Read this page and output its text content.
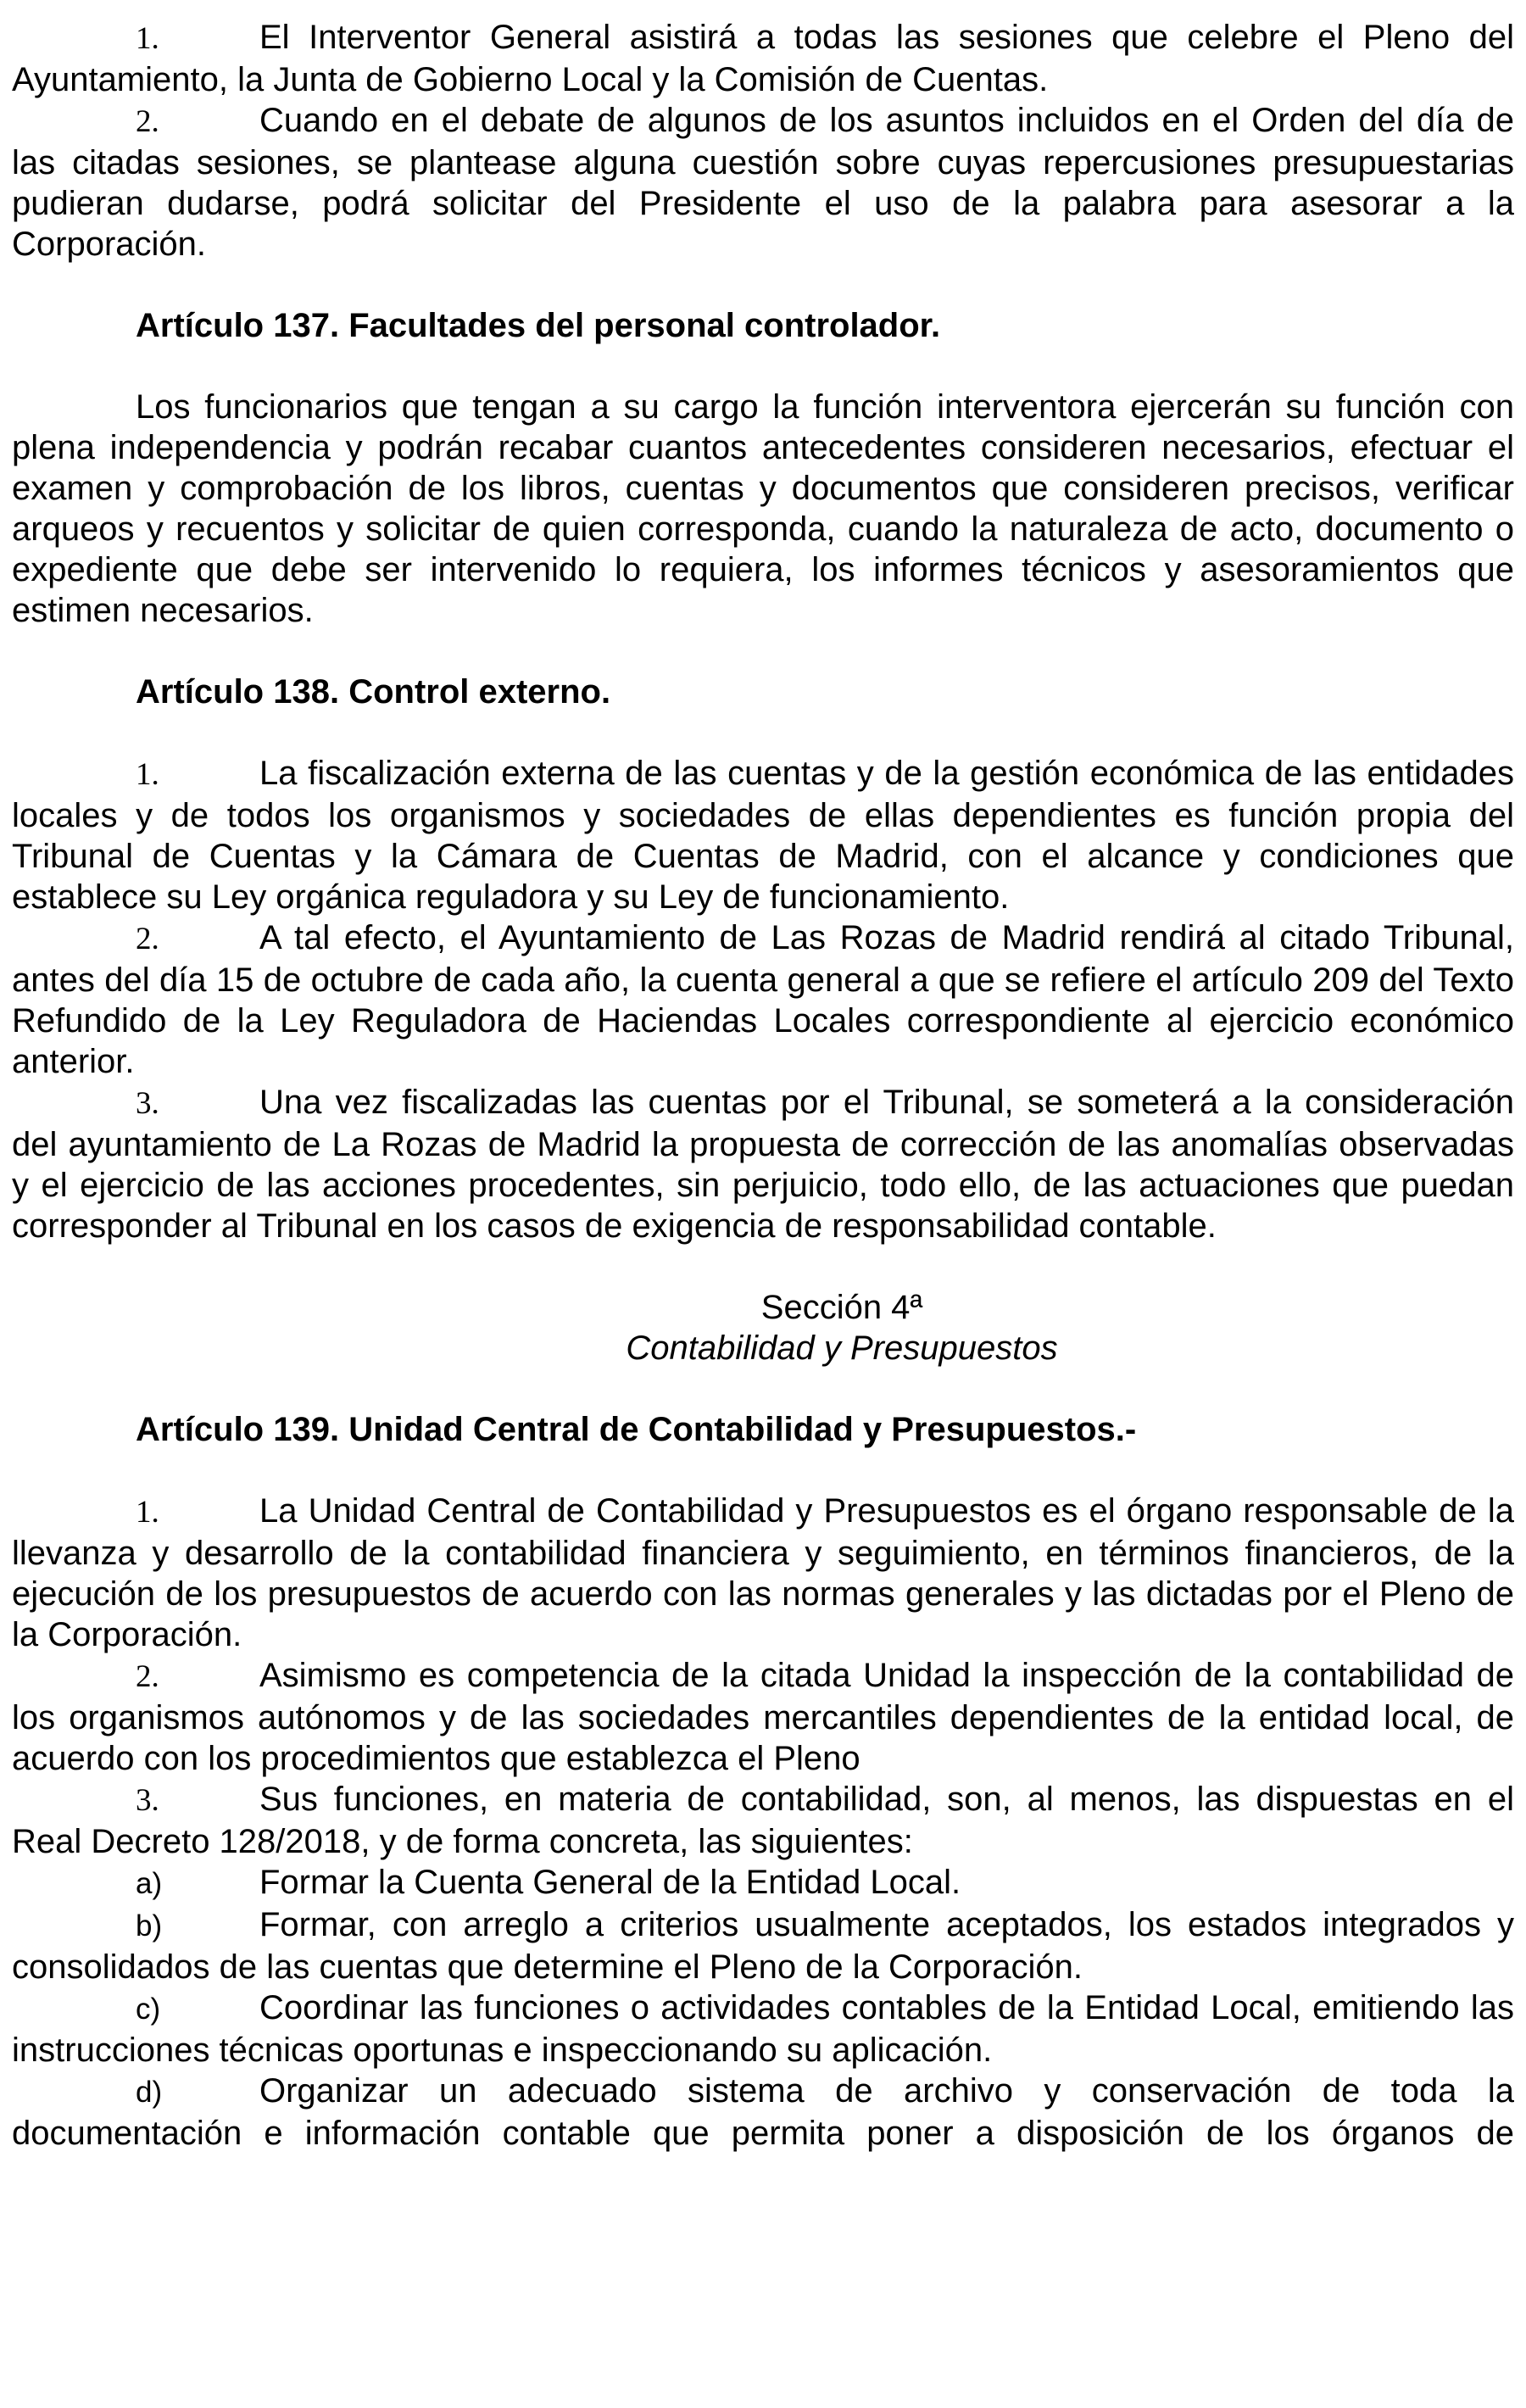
1.	El Interventor General asistirá a todas las sesiones que celebre el Pleno del Ayuntamiento, la Junta de Gobierno Local y la Comisión de Cuentas.

2.	Cuando en el debate de algunos de los asuntos incluidos en el Orden del día de las citadas sesiones, se plantease alguna cuestión sobre cuyas repercusiones presupuestarias pudieran dudarse, podrá solicitar del Presidente el uso de la palabra para asesorar a la Corporación.

Artículo 137. Facultades del personal controlador.

Los funcionarios que tengan a su cargo la función interventora ejercerán su función con plena independencia y podrán recabar cuantos antecedentes consideren necesarios, efectuar el examen y comprobación de los libros, cuentas y documentos que consideren precisos, verificar arqueos y recuentos y solicitar de quien corresponda, cuando la naturaleza de acto, documento o expediente que debe ser intervenido lo requiera, los informes técnicos y asesoramientos que estimen necesarios.

Artículo 138. Control externo.

1.	La fiscalización externa de las cuentas y de la gestión económica de las entidades locales y de todos los organismos y sociedades de ellas dependientes es función propia del Tribunal de Cuentas y la Cámara de Cuentas de Madrid, con el alcance y condiciones que establece su Ley orgánica reguladora y su Ley de funcionamiento.

2.	A tal efecto, el Ayuntamiento de Las Rozas de Madrid rendirá al citado Tribunal, antes del día 15 de octubre de cada año, la cuenta general a que se refiere el artículo 209 del Texto Refundido de la Ley Reguladora de Haciendas Locales correspondiente al ejercicio económico anterior.

3.	Una vez fiscalizadas las cuentas por el Tribunal, se someterá a la consideración del ayuntamiento de La Rozas de Madrid la propuesta de corrección de las anomalías observadas y el ejercicio de las acciones procedentes, sin perjuicio, todo ello, de las actuaciones que puedan corresponder al Tribunal en los casos de exigencia de responsabilidad contable.

Sección 4ª

Contabilidad y Presupuestos

Artículo 139. Unidad Central de Contabilidad y Presupuestos.-

1.	La Unidad Central de Contabilidad y Presupuestos es el órgano responsable de la llevanza y desarrollo de la contabilidad financiera y seguimiento, en términos financieros, de la ejecución de los presupuestos de acuerdo con las normas generales y las dictadas por el Pleno de la Corporación.

2.	Asimismo es competencia de la citada Unidad la inspección de la contabilidad de los organismos autónomos y de las sociedades mercantiles dependientes de la entidad local, de acuerdo con los procedimientos que establezca el Pleno

3.	Sus funciones, en materia de contabilidad, son, al menos, las dispuestas en el Real Decreto 128/2018, y de forma concreta, las siguientes:

a)	Formar la Cuenta General de la Entidad Local.

b)	Formar, con arreglo a criterios usualmente aceptados, los estados integrados y consolidados de las cuentas que determine el Pleno de la Corporación.

c)	Coordinar las funciones o actividades contables de la Entidad Local, emitiendo las instrucciones técnicas oportunas e inspeccionando su aplicación.

d)	Organizar un adecuado sistema de archivo y conservación de toda la documentación e información contable que permita poner a disposición de los órganos de
